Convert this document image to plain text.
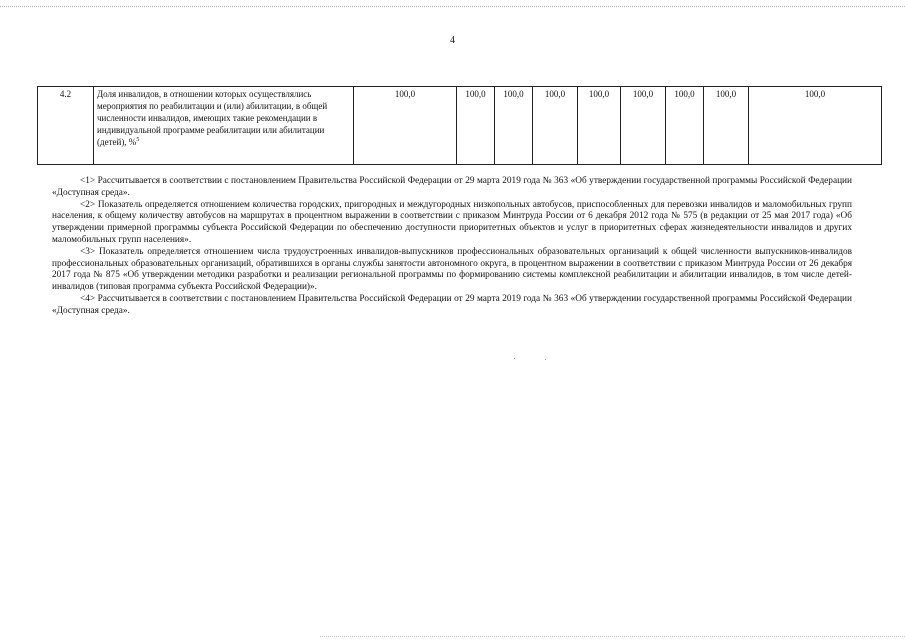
4
4.2	Доля инвалидов, в отношении которых осуществлялись мероприятия по реабилитации и (или) абилитации, в общей численности инвалидов, имеющих такие рекомендации в индивидуальной программе реабилитации или абилитации (детей), %$^5$	100,0	100,0	100,0	100,0	100,0	100,0	100,0	100,0	100,0

<1> Рассчитывается в соответствии с постановлением Правительства Российской Федерации от 29 марта 2019 года № 363 «Об утверждении государственной программы Российской Федерации «Доступная среда».

<2> Показатель определяется отношением количества городских, пригородных и междугородных низкопольных автобусов, приспособленных для перевозки инвалидов и маломобильных групп населения, к общему количеству автобусов на маршрутах в процентном выражении в соответствии с приказом Минтруда России от 6 декабря 2012 года № 575 (в редакции от 25 мая 2017 года) «Об утверждении примерной программы субъекта Российской Федерации по обеспечению доступности приоритетных объектов и услуг в приоритетных сферах жизнедеятельности инвалидов и других маломобильных групп населения».

<3> Показатель определяется отношением числа трудоустроенных инвалидов-выпускников профессиональных образовательных организаций к общей численности выпускников-инвалидов профессиональных образовательных организаций, обратившихся в органы службы занятости автономного округа, в процентном выражении в соответствии с приказом Минтруда России от 26 декабря 2017 года № 875 «Об утверждении методики разработки и реализации региональной программы по формированию системы комплексной реабилитации и абилитации инвалидов, в том числе детей-инвалидов (типовая программа субъекта Российской Федерации)».

<4> Рассчитывается в соответствии с постановлением Правительства Российской Федерации от 29 марта 2019 года № 363 «Об утверждении государственной программы Российской Федерации «Доступная среда».
